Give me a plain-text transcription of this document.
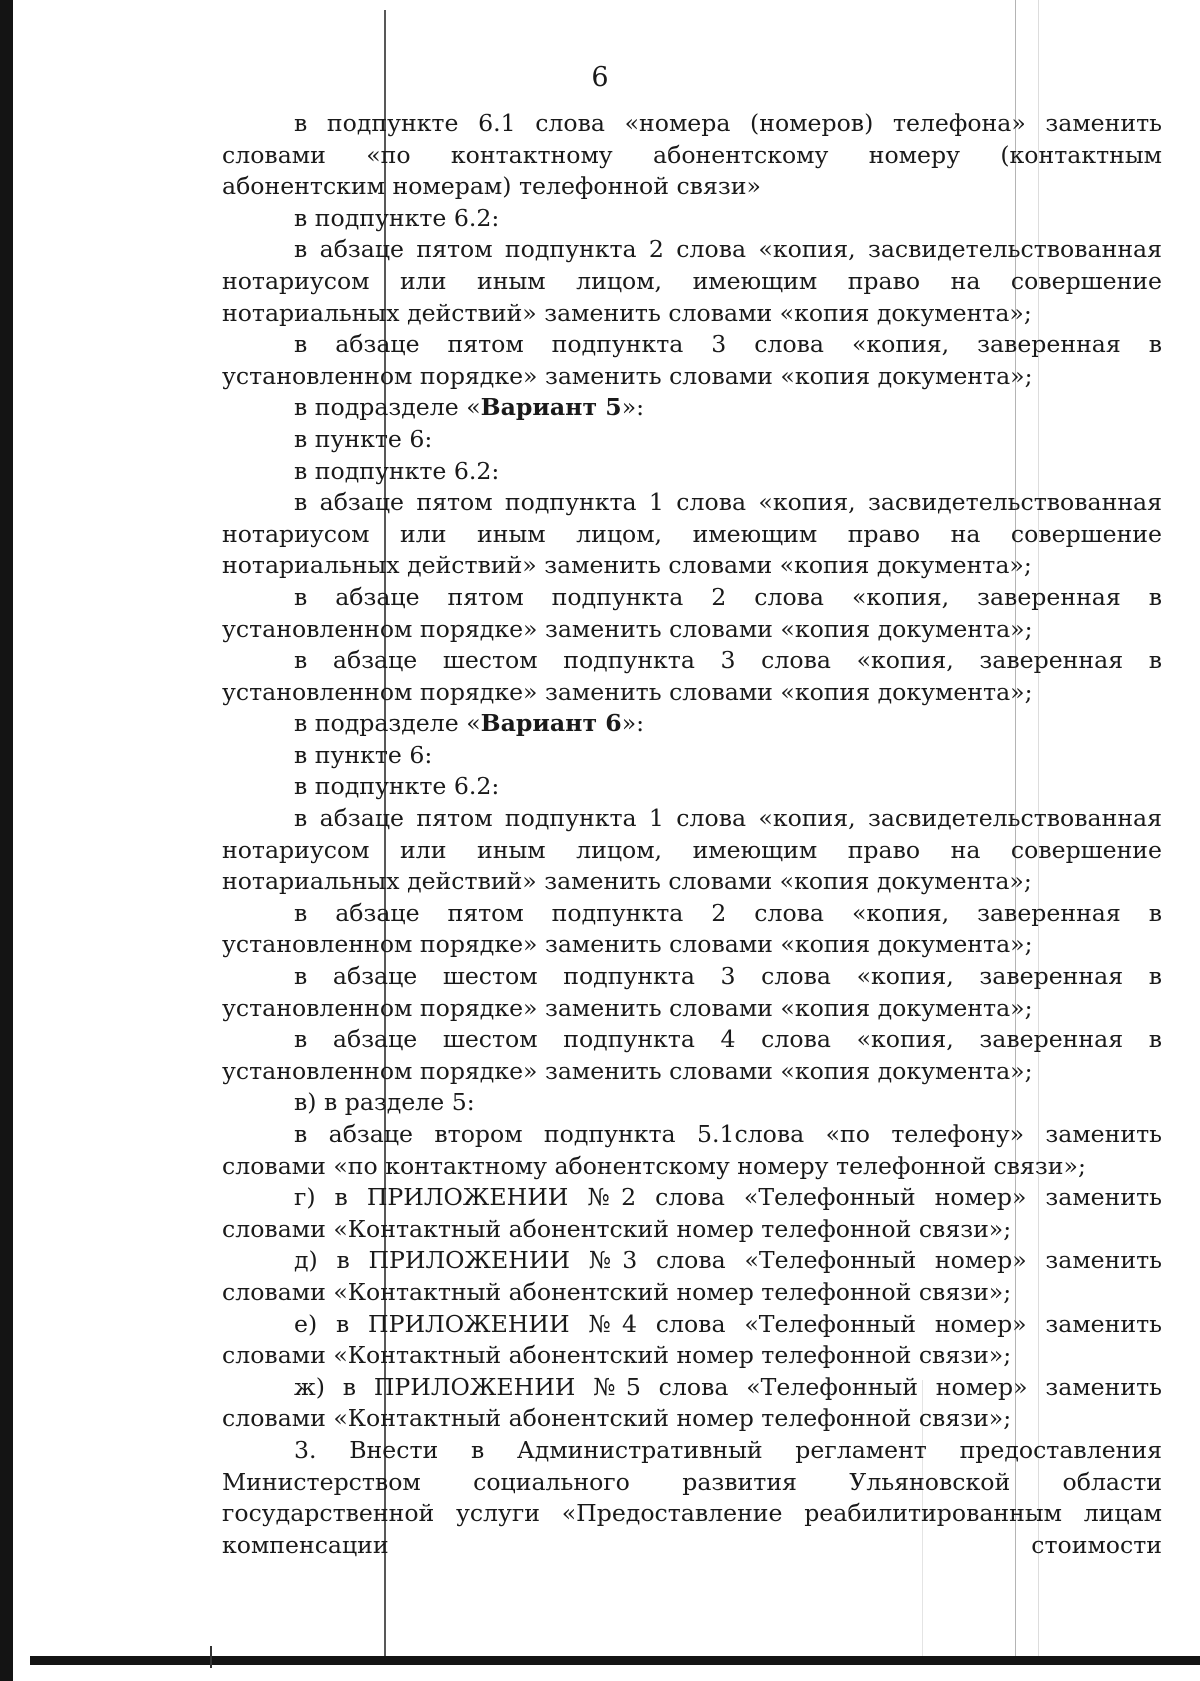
6

в подпункте 6.1 слова «номера (номеров) телефона» заменить словами «по контактному абонентскому номеру (контактным абонентским номерам) телефонной связи»

в подпункте 6.2:

в абзаце пятом подпункта 2 слова «копия, засвидетельствованная нотариусом или иным лицом, имеющим право на совершение нотариальных действий» заменить словами «копия документа»;

в абзаце пятом подпункта 3 слова «копия, заверенная в установленном порядке» заменить словами «копия документа»;

в подразделе «Вариант 5»:

в пункте 6:

в подпункте 6.2:

в абзаце пятом подпункта 1 слова «копия, засвидетельствованная нотариусом или иным лицом, имеющим право на совершение нотариальных действий» заменить словами «копия документа»;

в абзаце пятом подпункта 2 слова «копия, заверенная в установленном порядке» заменить словами «копия документа»;

в абзаце шестом подпункта 3 слова «копия, заверенная в установленном порядке» заменить словами «копия документа»;

в подразделе «Вариант 6»:

в пункте 6:

в подпункте 6.2:

в абзаце пятом подпункта 1 слова «копия, засвидетельствованная нотариусом или иным лицом, имеющим право на совершение нотариальных действий» заменить словами «копия документа»;

в абзаце пятом подпункта 2 слова «копия, заверенная в установленном порядке» заменить словами «копия документа»;

в абзаце шестом подпункта 3 слова «копия, заверенная в установленном порядке» заменить словами «копия документа»;

в абзаце шестом подпункта 4 слова «копия, заверенная в установленном порядке» заменить словами «копия документа»;

в) в разделе 5:

в абзаце втором подпункта 5.1слова «по телефону» заменить словами «по контактному абонентскому номеру телефонной связи»;

г) в ПРИЛОЖЕНИИ №2 слова «Телефонный номер» заменить словами «Контактный абонентский номер телефонной связи»;

д) в ПРИЛОЖЕНИИ №3 слова «Телефонный номер» заменить словами «Контактный абонентский номер телефонной связи»;

е) в ПРИЛОЖЕНИИ №4 слова «Телефонный номер» заменить словами «Контактный абонентский номер телефонной связи»;

ж) в ПРИЛОЖЕНИИ №5 слова «Телефонный номер» заменить словами «Контактный абонентский номер телефонной связи»;

3. Внести в Административный регламент предоставления Министерством социального развития Ульяновской области государственной услуги «Предоставление реабилитированным лицам компенсации стоимости
